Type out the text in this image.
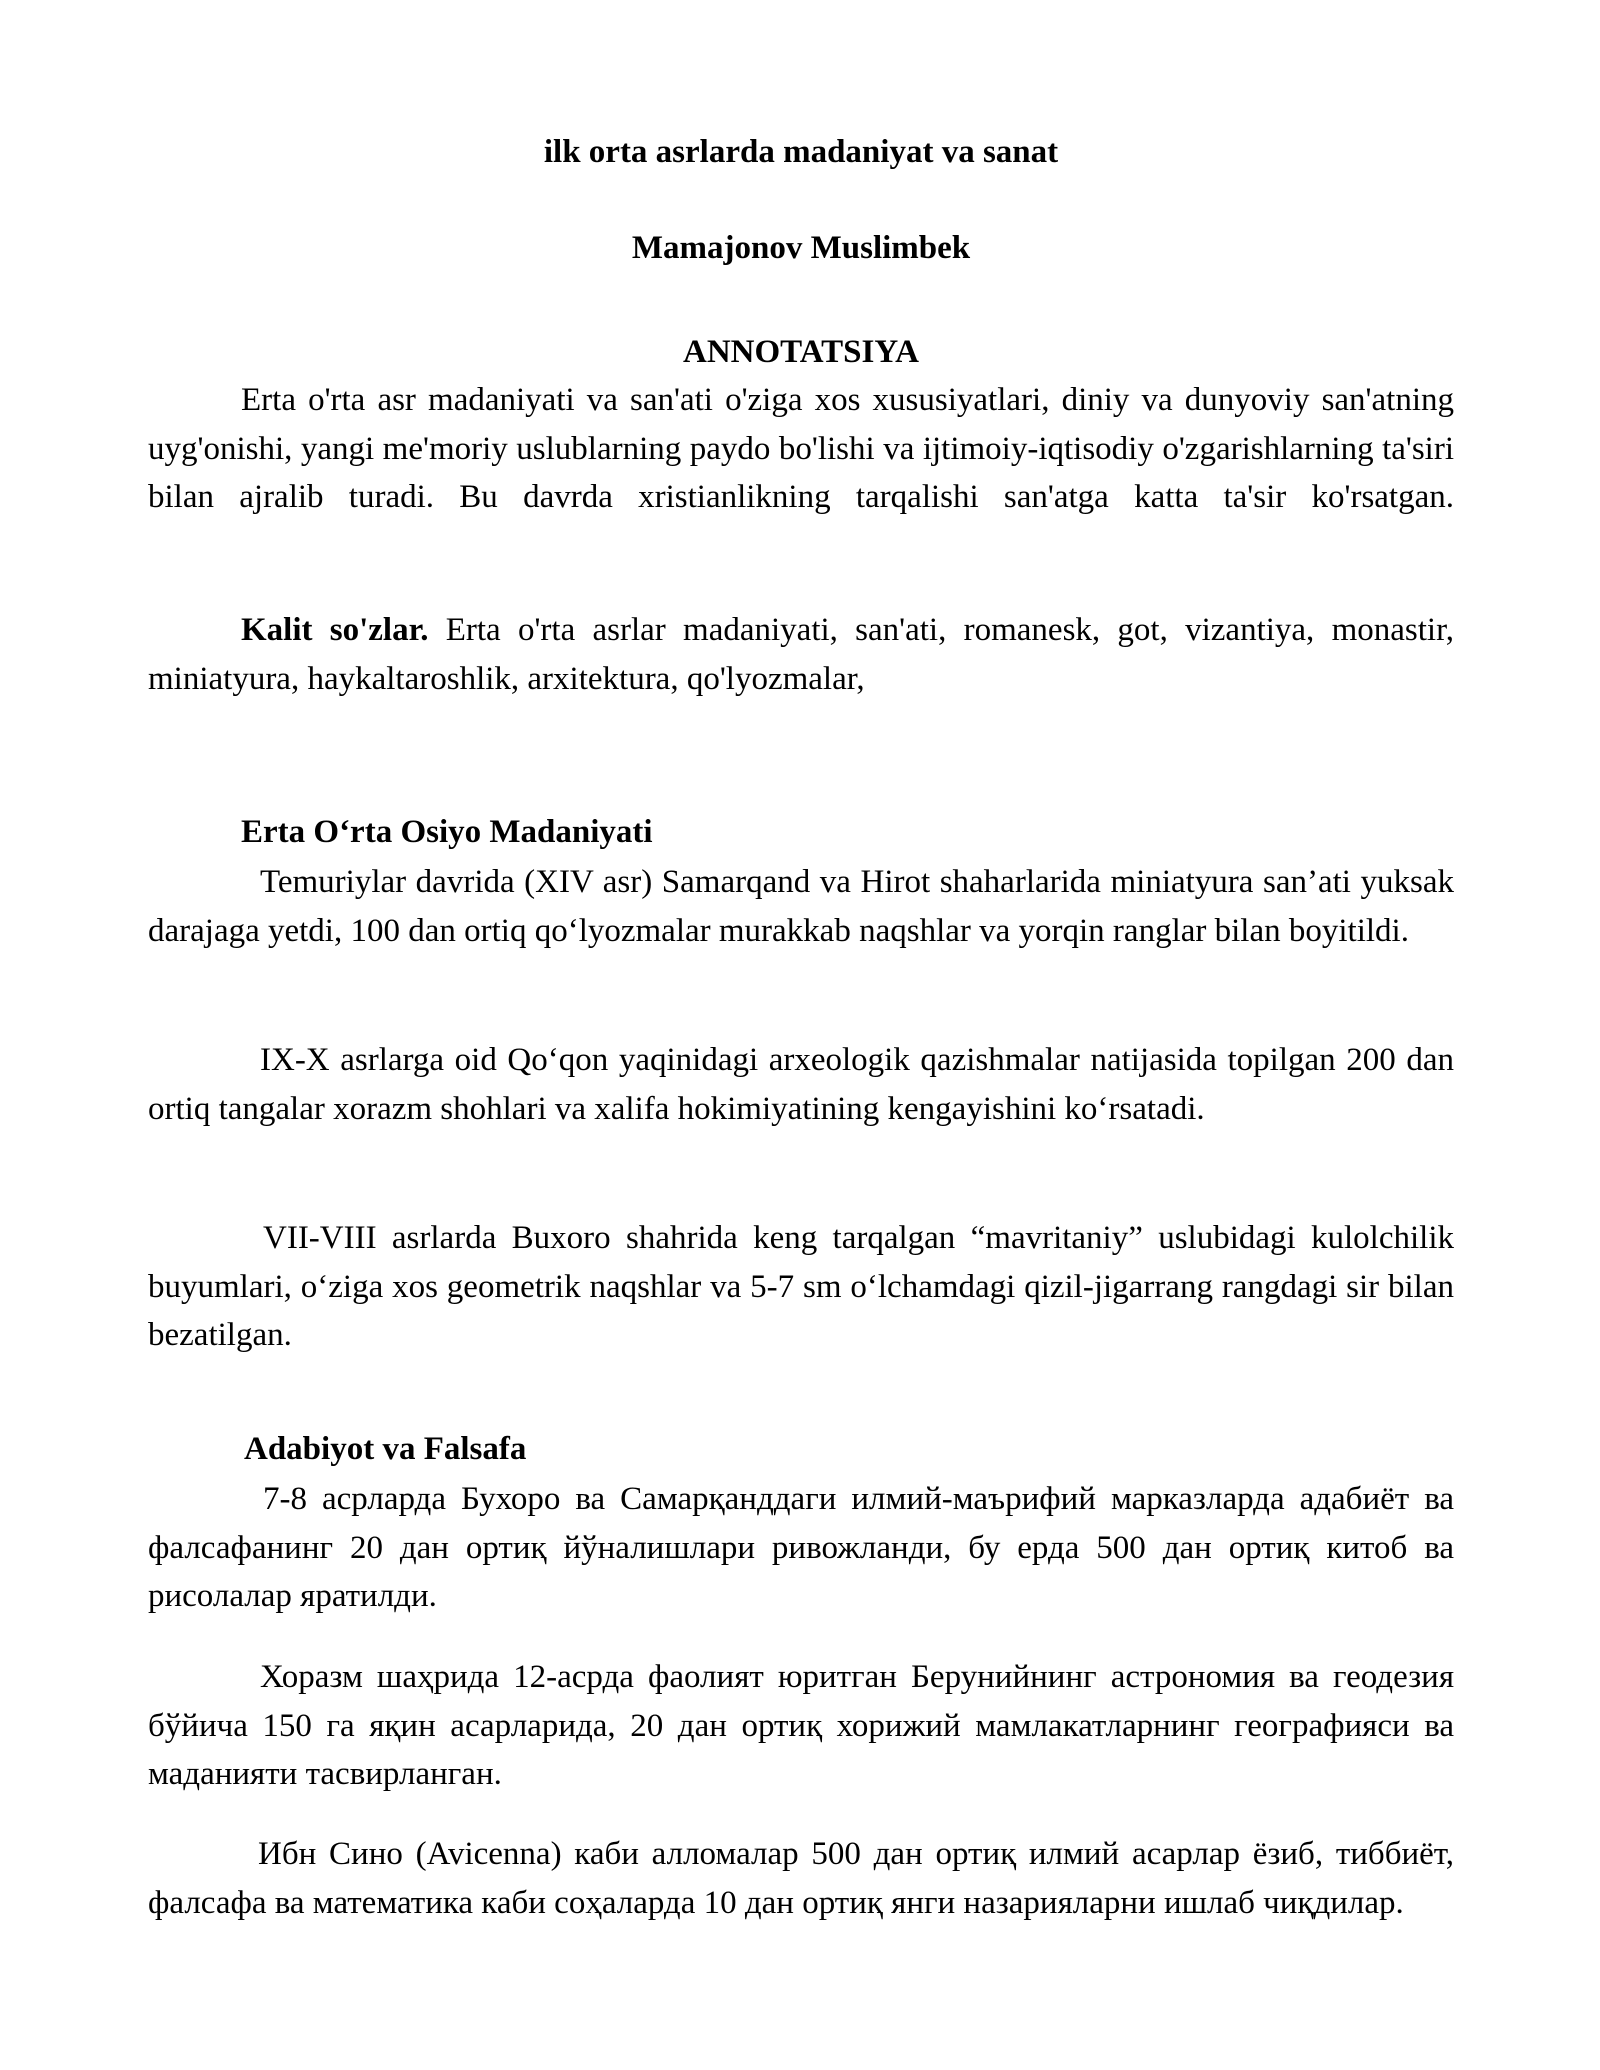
ilk orta asrlarda madaniyat va sanat
Mamajonov Muslimbek
ANNOTATSIYA

Erta o'rta asr madaniyati va san'ati o'ziga xos xususiyatlari, diniy va dunyoviy san'atning uyg'onishi, yangi me'moriy uslublarning paydo bo'lishi va ijtimoiy-iqtisodiy o'zgarishlarning ta'siri bilan ajralib turadi. Bu davrda xristianlikning tarqalishi san'atga katta ta'sir ko'rsatgan.

Kalit so'zlar. Erta o'rta asrlar madaniyati, san'ati, romanesk, got, vizantiya, monastir, miniatyura, haykaltaroshlik, arxitektura, qo'lyozmalar,

Erta O‘rta Osiyo Madaniyati

Temuriylar davrida (XIV asr) Samarqand va Hirot shaharlarida miniatyura san’ati yuksak darajaga yetdi, 100 dan ortiq qo‘lyozmalar murakkab naqshlar va yorqin ranglar bilan boyitildi.

IX-X asrlarga oid Qo‘qon yaqinidagi arxeologik qazishmalar natijasida topilgan 200 dan ortiq tangalar xorazm shohlari va xalifa hokimiyatining kengayishini ko‘rsatadi.

VII-VIII asrlarda Buxoro shahrida keng tarqalgan “mavritaniy” uslubidagi kulolchilik buyumlari, o‘ziga xos geometrik naqshlar va 5-7 sm o‘lchamdagi qizil-jigarrang rangdagi sir bilan bezatilgan.

Adabiyot va Falsafa

7-8 асрларда Бухоро ва Самарқанддаги илмий-маърифий марказларда адабиёт ва фалсафанинг 20 дан ортиқ йўналишлари ривожланди, бу ерда 500 дан ортиқ китоб ва рисолалар яратилди.

Хоразм шаҳрида 12-асрда фаолият юритган Берунийнинг астрономия ва геодезия бўйича 150 га яқин асарларида, 20 дан ортиқ хорижий мамлакатларнинг географияси ва маданияти тасвирланган.

Ибн Сино (Avicenna) каби алломалар 500 дан ортиқ илмий асарлар ёзиб, тиббиёт, фалсафа ва математика каби соҳаларда 10 дан ортиқ янги назарияларни ишлаб чиқдилар.
